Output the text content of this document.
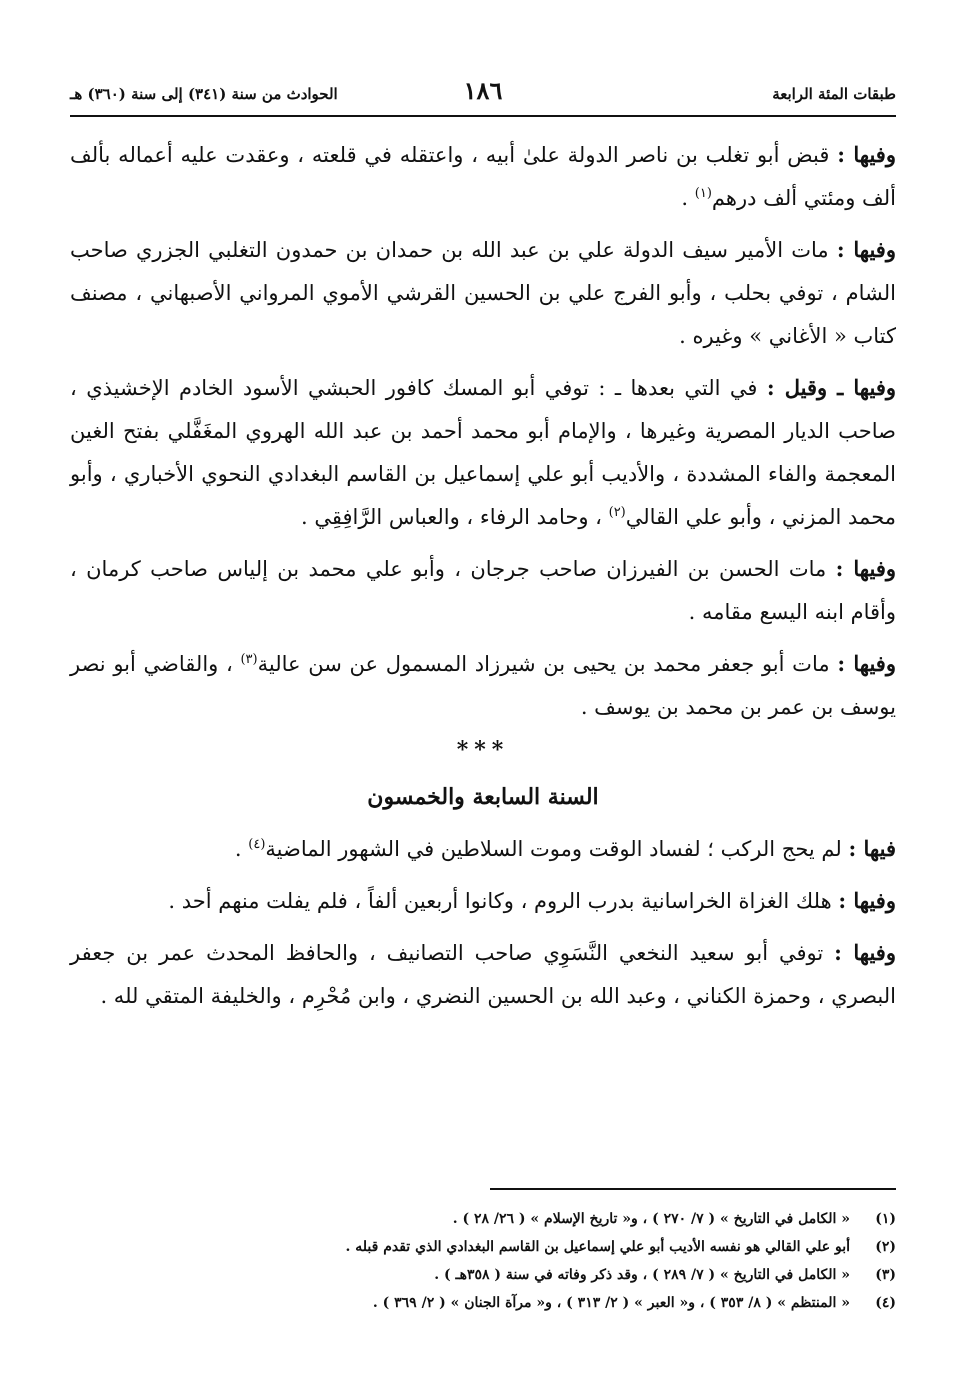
طبقات المئة الرابعة
١٨٦
الحوادث من سنة (٣٤١) إلى سنة (٣٦٠) هـ

وفيها : قبض أبو تغلب بن ناصر الدولة علىٰ أبيه ، واعتقله في قلعته ، وعقدت عليه أعماله بألف ألف ومئتي ألف درهم$^{(١)}$ .

وفيها : مات الأمير سيف الدولة علي بن عبد الله بن حمدان بن حمدون التغلبي الجزري صاحب الشام ، توفي بحلب ، وأبو الفرج علي بن الحسين القرشي الأموي المرواني الأصبهاني ، مصنف كتاب « الأغاني » وغيره .

وفيها ـ وقيل : في التي بعدها ـ : توفي أبو المسك كافور الحبشي الأسود الخادم الإخشيذي ، صاحب الديار المصرية وغيرها ، والإمام أبو محمد أحمد بن عبد الله الهروي المغَفَّلي بفتح الغين المعجمة والفاء المشددة ، والأديب أبو علي إسماعيل بن القاسم البغدادي النحوي الأخباري ، وأبو محمد المزني ، وأبو علي القالي$^{(٢)}$ ، وحامد الرفاء ، والعباس الرَّافِقِي .

وفيها : مات الحسن بن الفيرزان صاحب جرجان ، وأبو علي محمد بن إلياس صاحب كرمان ، وأقام ابنه اليسع مقامه .

وفيها : مات أبو جعفر محمد بن يحيى بن شيرزاد المسمول عن سن عالية$^{(٣)}$ ، والقاضي أبو نصر يوسف بن عمر بن محمد بن يوسف .

***
السنة السابعة والخمسون

فيها : لم يحج الركب ؛ لفساد الوقت وموت السلاطين في الشهور الماضية$^{(٤)}$ .

وفيها : هلك الغزاة الخراسانية بدرب الروم ، وكانوا أربعين ألفاً ، فلم يفلت منهم أحد .

وفيها : توفي أبو سعيد النخعي النَّسَوِي صاحب التصانيف ، والحافظ المحدث عمر بن جعفر البصري ، وحمزة الكناني ، وعبد الله بن الحسين النضري ، وابن مُحْرِم ، والخليفة المتقي لله .

(١)
« الكامل في التاريخ » ( ٧/ ٢٧٠ ) ، و« تاريخ الإسلام » ( ٢٦/ ٢٨ ) .
(٢)
أبو علي القالي هو نفسه الأديب أبو علي إسماعيل بن القاسم البغدادي الذي تقدم قبله .
(٣)
« الكامل في التاريخ » ( ٧/ ٢٨٩ ) ، وقد ذكر وفاته في سنة ( ٣٥٨هـ ) .
(٤)
« المنتظم » ( ٨/ ٣٥٣ ) ، و« العبر » ( ٢/ ٣١٣ ) ، و« مرآة الجنان » ( ٢/ ٣٦٩ ) .
